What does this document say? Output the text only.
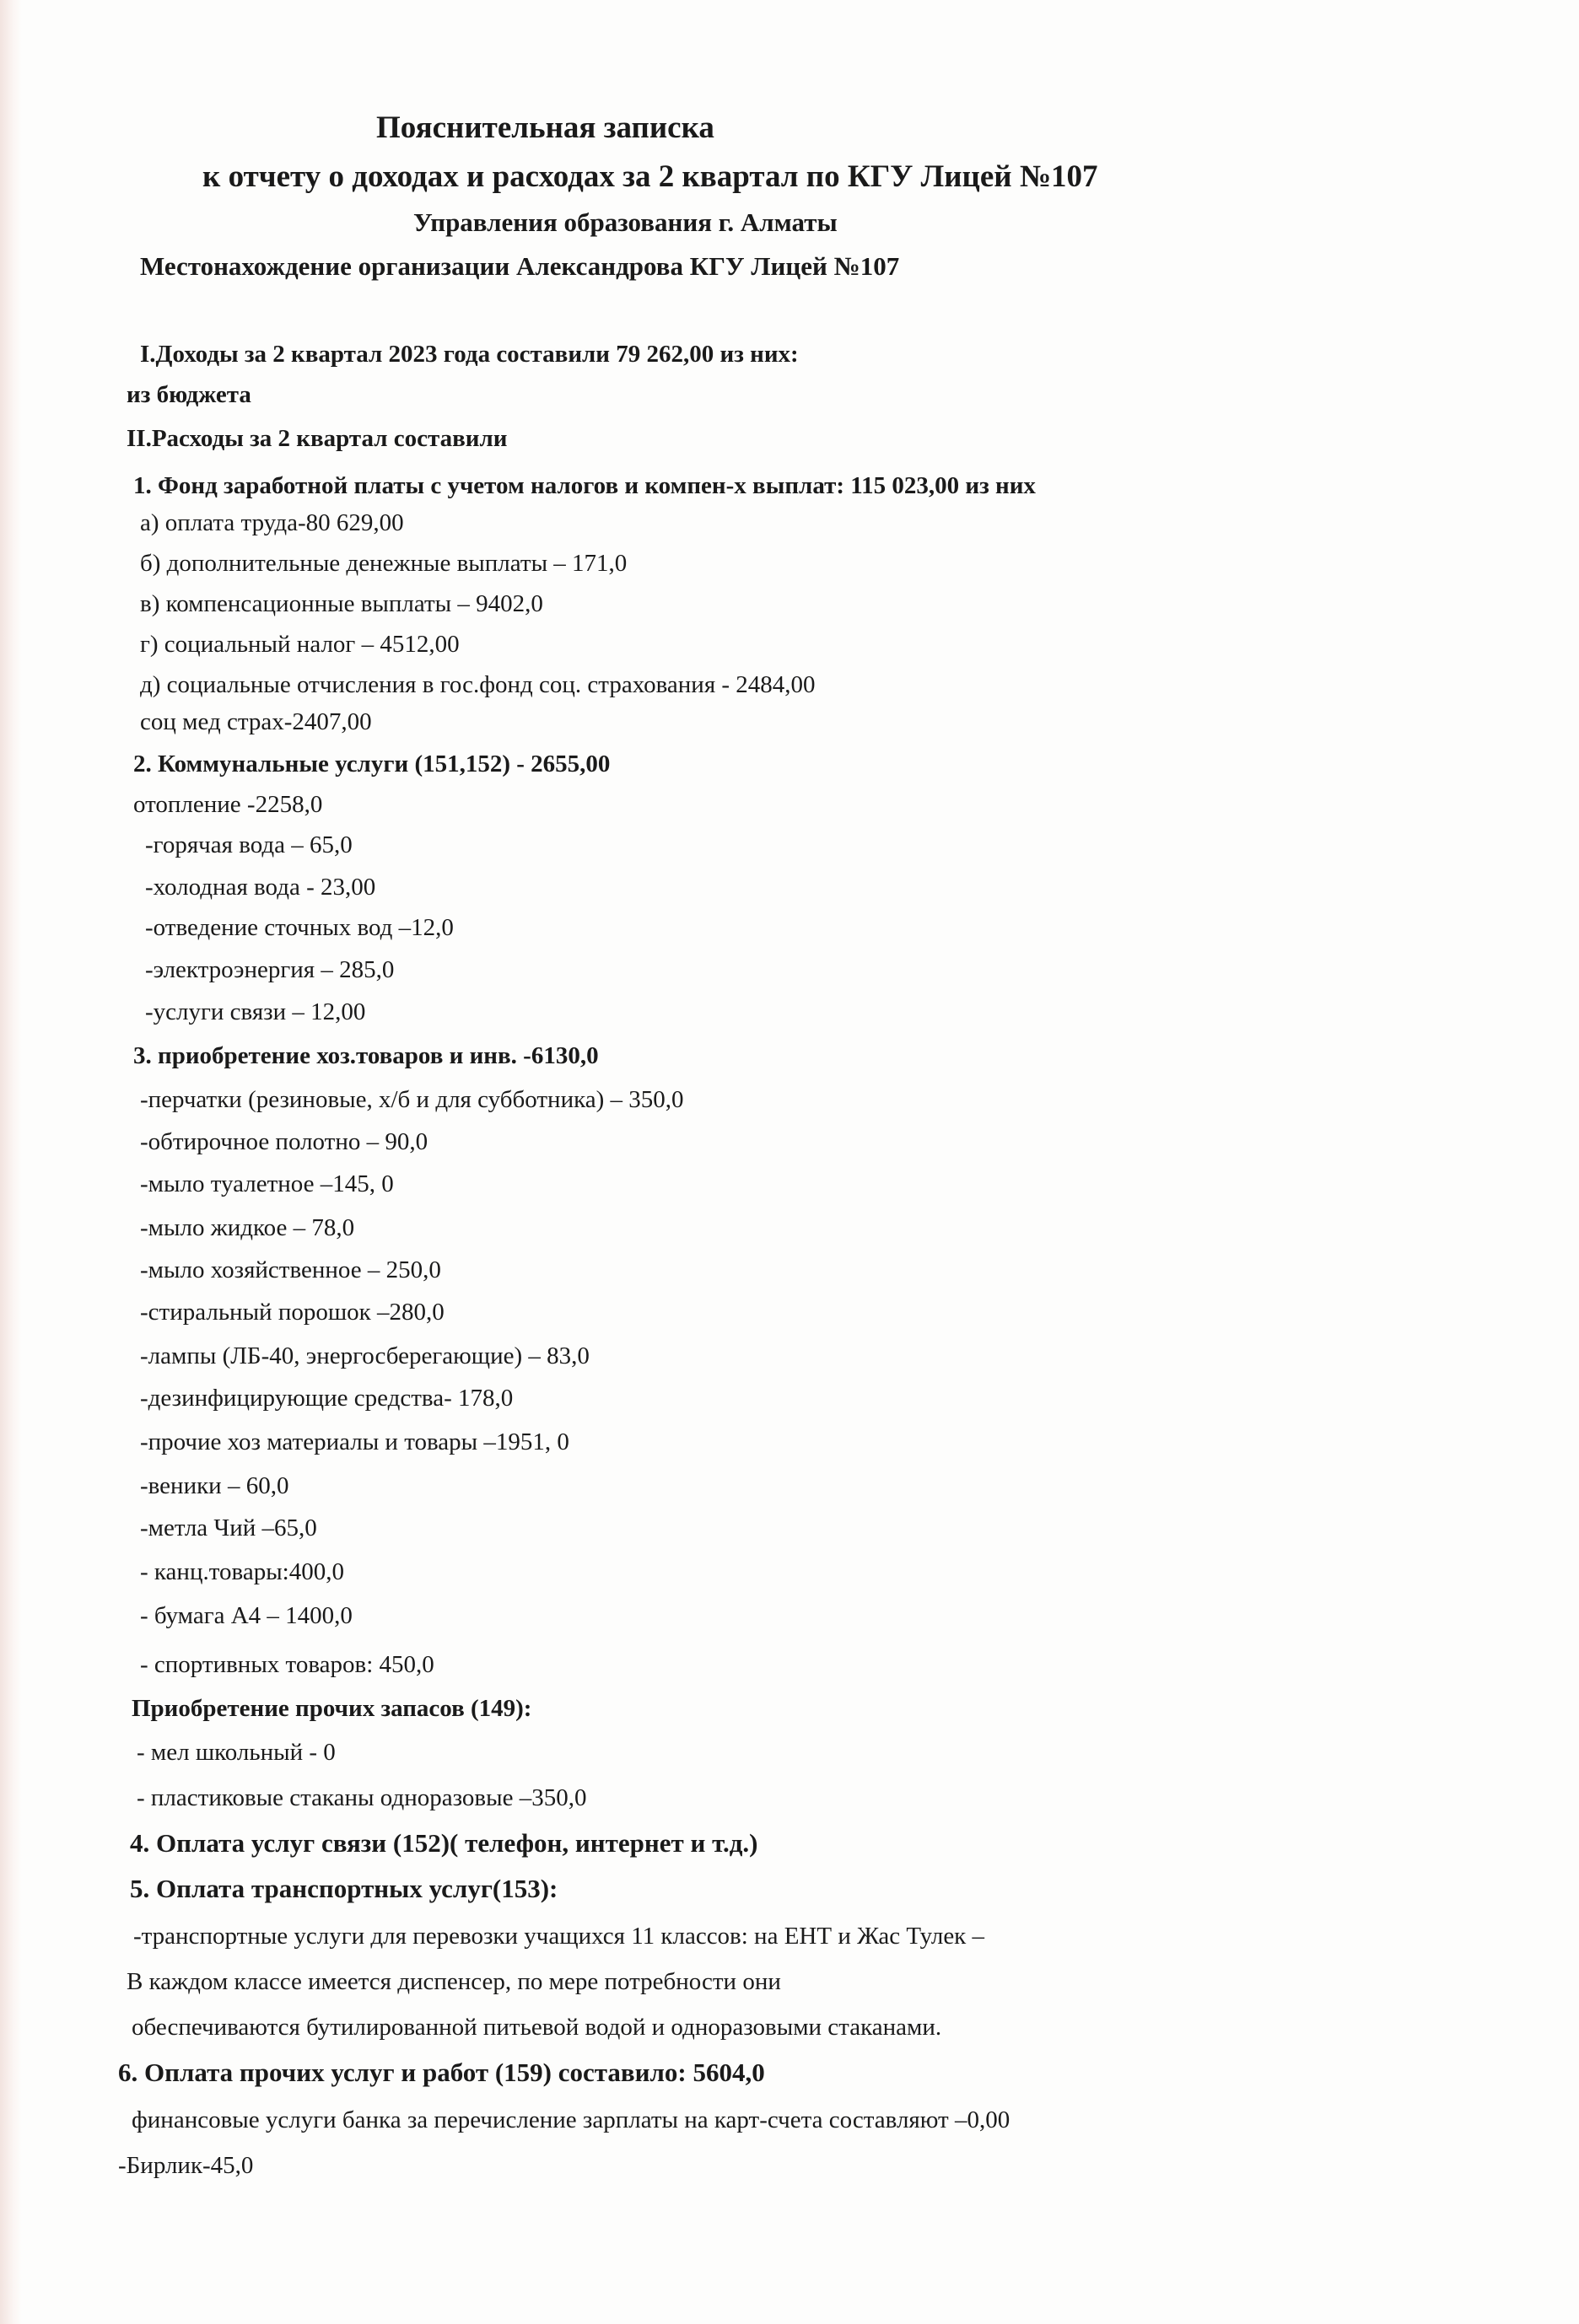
Пояснительная записка
к отчету о доходах и расходах за 2 квартал по КГУ Лицей №107
Управления образования г. Алматы
Местонахождение организации Александрова КГУ Лицей №107
I.Доходы за 2 квартал 2023 года составили 79 262,00 из них:
из бюджета
II.Расходы за 2 квартал составили
1. Фонд заработной платы с учетом налогов и компен-х выплат: 115 023,00 из них
а) оплата труда-80 629,00
б) дополнительные денежные выплаты – 171,0
в) компенсационные выплаты – 9402,0
г) социальный налог – 4512,00
д) социальные отчисления в гос.фонд соц. страхования - 2484,00
соц мед страх-2407,00
2. Коммунальные услуги (151,152) - 2655,00
отопление -2258,0
-горячая вода – 65,0
-холодная вода - 23,00
-отведение сточных вод –12,0
-электроэнергия – 285,0
-услуги связи – 12,00
3. приобретение хоз.товаров и инв. -6130,0
-перчатки (резиновые, х/б и для субботника) – 350,0
-обтирочное полотно – 90,0
-мыло туалетное –145, 0
-мыло жидкое – 78,0
-мыло хозяйственное – 250,0
-стиральный порошок –280,0
-лампы (ЛБ-40, энергосберегающие) – 83,0
-дезинфицирующие средства- 178,0
-прочие хоз материалы и товары –1951, 0
-веники – 60,0
-метла Чий –65,0
- канц.товары:400,0
- бумага А4 – 1400,0
- спортивных товаров: 450,0
Приобретение прочих запасов (149):
- мел школьный - 0
- пластиковые стаканы одноразовые –350,0
4. Оплата услуг связи (152)( телефон, интернет и т.д.)
5. Оплата транспортных услуг(153):
-транспортные услуги для перевозки учащихся 11 классов: на ЕНТ и Жас Тулек –
В каждом классе имеется диспенсер, по мере потребности они
обеспечиваются бутилированной питьевой водой и одноразовыми стаканами.
6. Оплата прочих услуг и работ (159) составило: 5604,0
финансовые услуги банка за перечисление зарплаты на карт-счета составляют –0,00
-Бирлик-45,0
